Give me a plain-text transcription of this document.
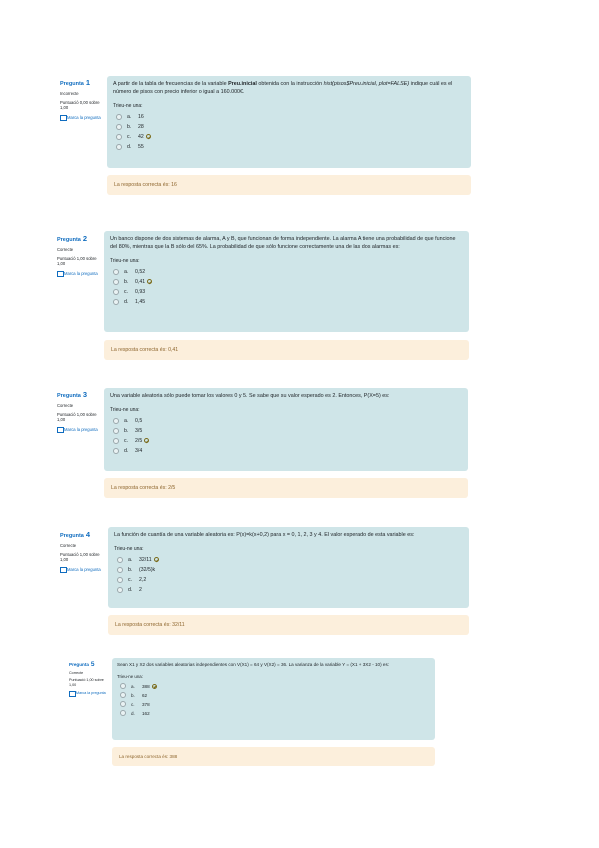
Pregunta 1
Incorrecte
Puntuació 0,00 sobre 1,00
Marca la pregunta
A partir de la tabla de frecuencias de la variable Preu.inicial obtenida con la instrucción hist(pisos$Preu.inicial, plot=FALSE) indique cuál es el número de pisos con precio inferior o igual a 160.000€.
Trieu-ne una:
a.	16
b.	28
c.	42
d.	55
La resposta correcta és: 16
Pregunta 2
Correcte
Puntuació 1,00 sobre 1,00
Marca la pregunta
Un banco dispone de dos sistemas de alarma, A y B, que funcionan de forma independiente. La alarma A tiene una probabilidad de que funcione del 80%, mientras que la B sólo del 65%. La probabilidad de que sólo funcione correctamente una de las dos alarmas es:
Trieu-ne una:
a.	0,52
b.	0,41
c.	0,93
d.	1,45
La resposta correcta és: 0,41
Pregunta 3
Correcte
Puntuació 1,00 sobre 1,00
Marca la pregunta
Una variable aleatoria sólo puede tomar los valores 0 y 5. Se sabe que su valor esperado es 2. Entonces, P(X=5) es:
Trieu-ne una:
a.	0,5
b.	3/5
c.	2/5
d.	3/4
La resposta correcta és: 2/5
Pregunta 4
Correcte
Puntuació 1,00 sobre 1,00
Marca la pregunta
La función de cuantía de una variable aleatoria es: P(x)=k(x+0,2) para x = 0, 1, 2, 3 y 4. El valor esperado de esta variable es:
Trieu-ne una:
a.	32/11
b.	(32/5)k
c.	2,2
d.	2
La resposta correcta és: 32/11
Pregunta 5
Correcte
Puntuació 1,00 sobre 1,00
Marca la pregunta
Sean X1 y X2 dos variables aleatorias independientes con V(X1) = 64 y V(X2) = 36. La varianza de la variable Y = (X1 + 3X2 - 10) es:
Trieu-ne una:
a.	388
b.	62
c.	378
d.	162
La resposta correcta és: 388
